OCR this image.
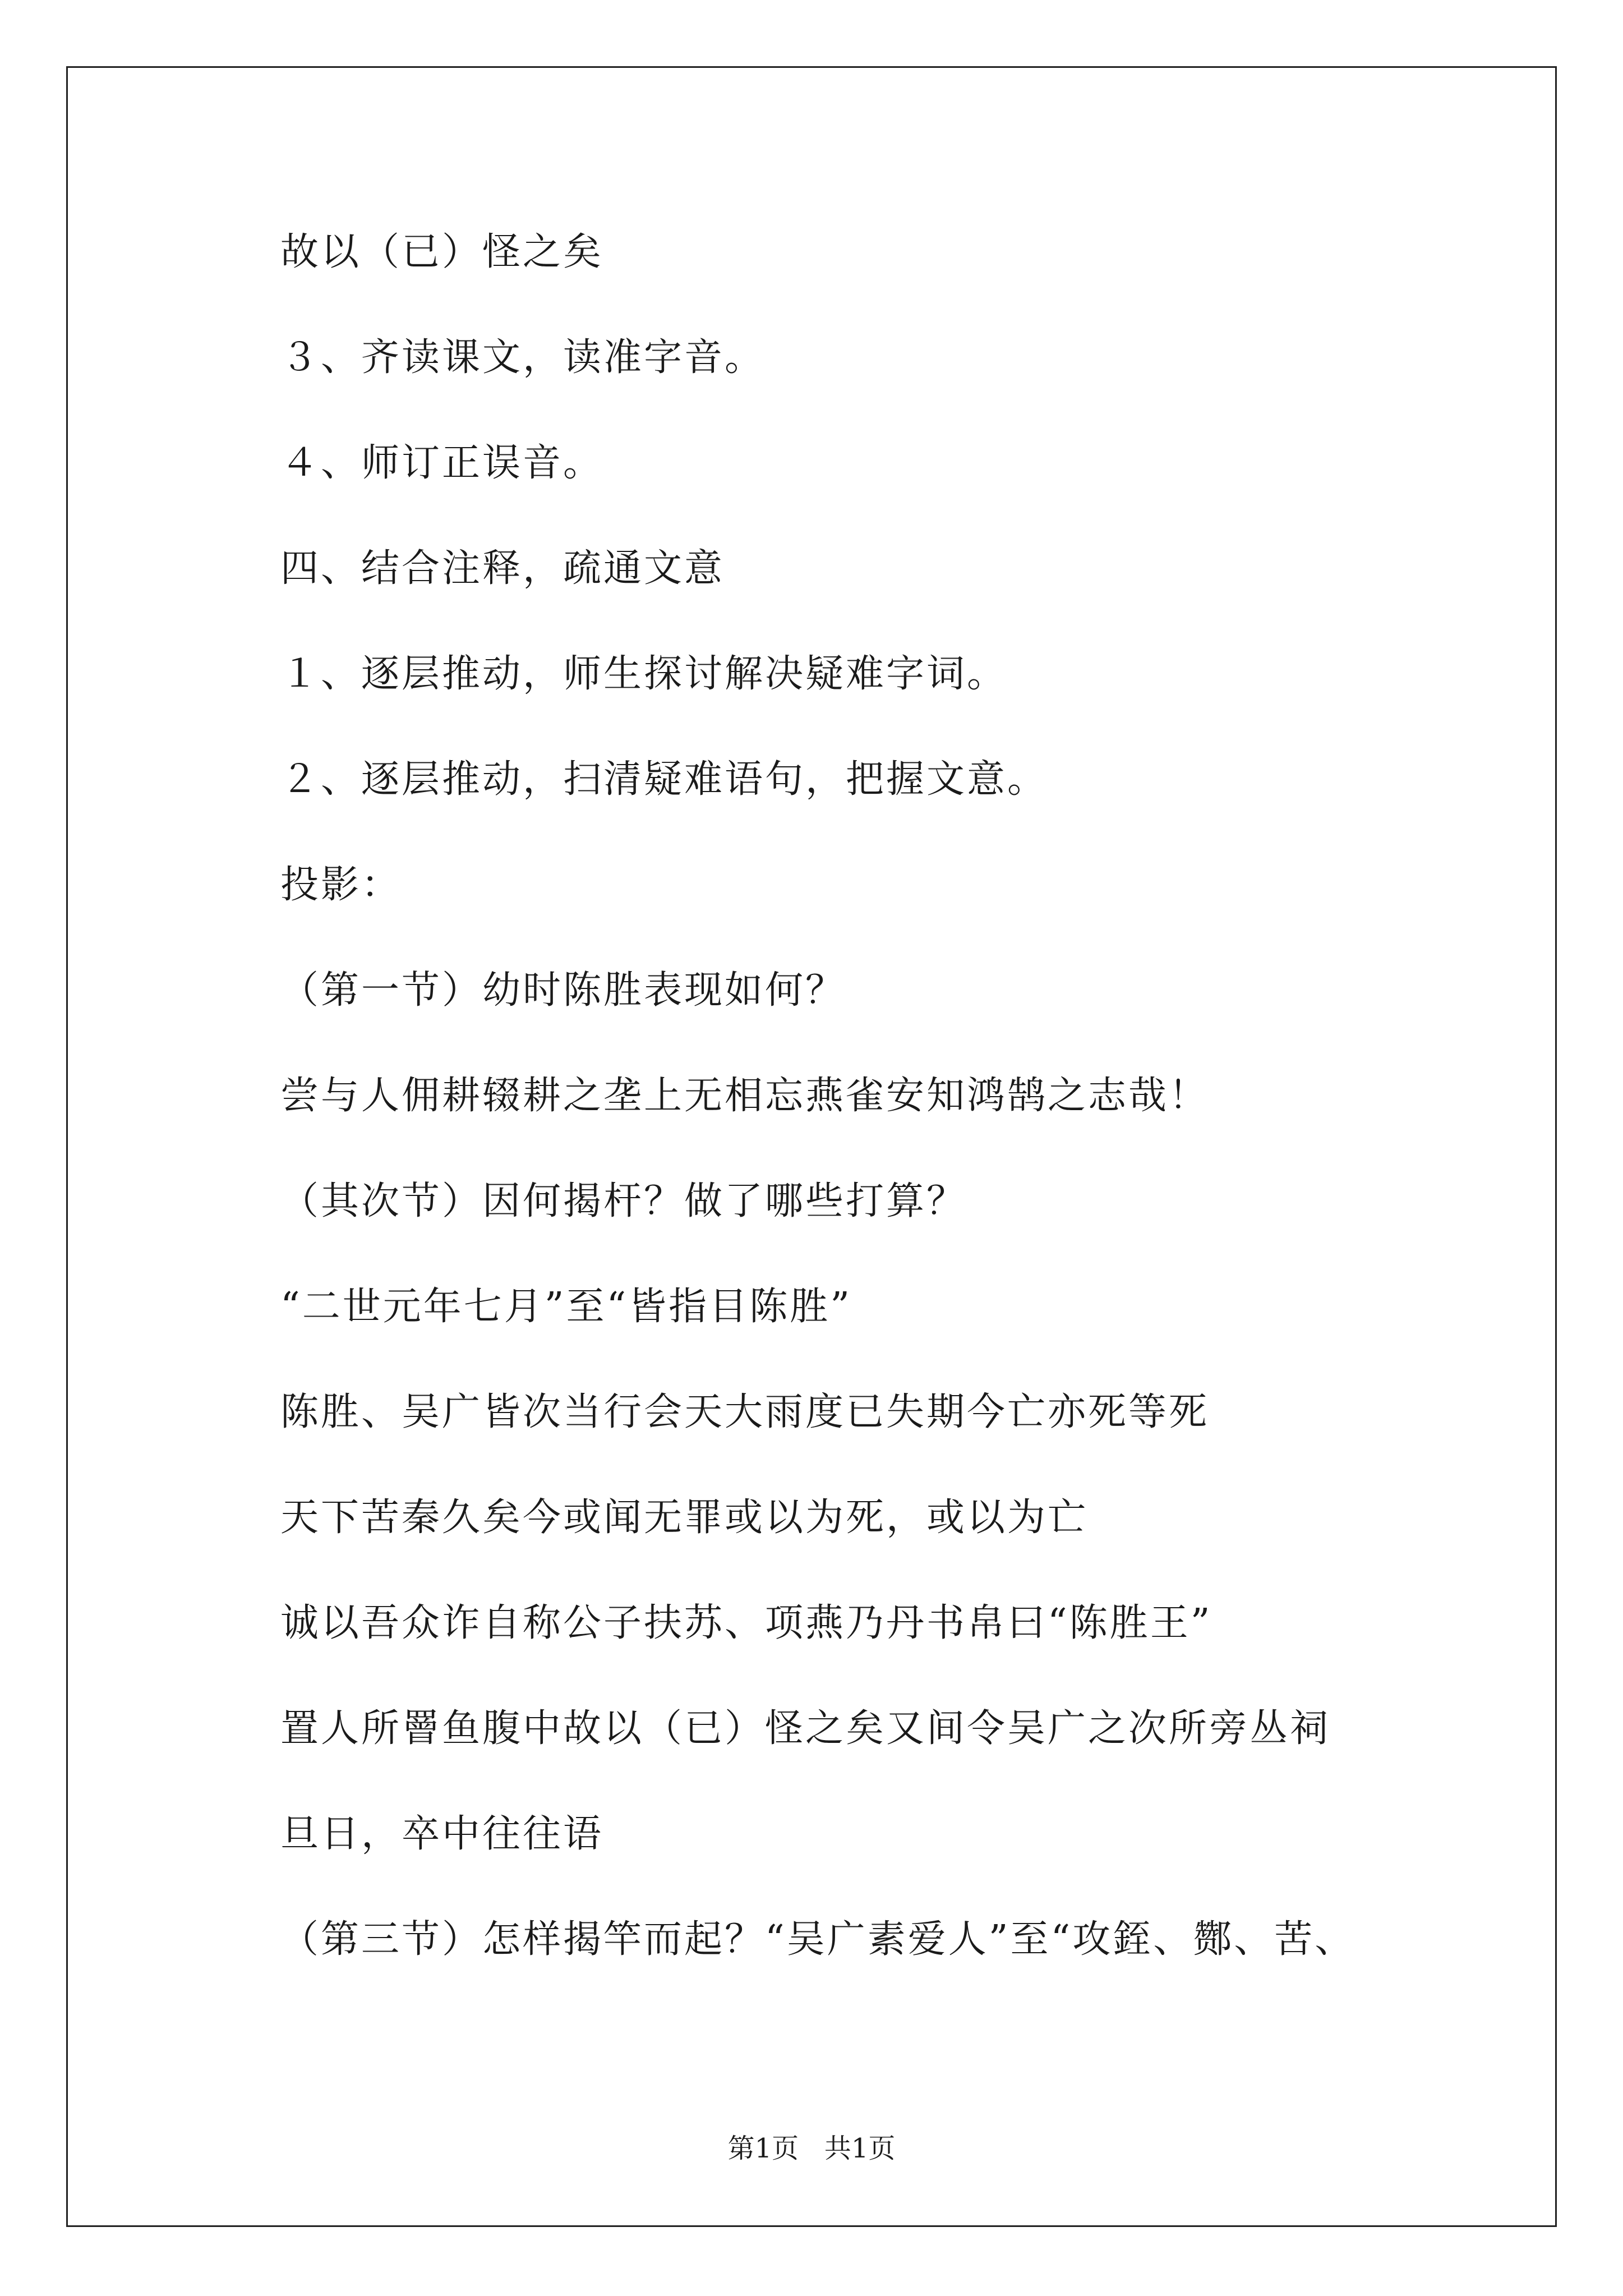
故以（已）怪之矣
３、齐读课文，读准字音。
４、师订正误音。
四、结合注释，疏通文意
１、逐层推动，师生探讨解决疑难字词。
２、逐层推动，扫清疑难语句，把握文意。
投影：
（第一节）幼时陈胜表现如何？
尝与人佣耕辍耕之垄上无相忘燕雀安知鸿鹄之志哉！
（其次节）因何揭杆？做了哪些打算？
“二世元年七月”至“皆指目陈胜”
陈胜、吴广皆次当行会天大雨度已失期今亡亦死等死
天下苦秦久矣今或闻无罪或以为死，或以为亡
诚以吾众诈自称公子扶苏、项燕乃丹书帛曰“陈胜王”
置人所罾鱼腹中故以（已）怪之矣又间令吴广之次所旁丛祠
旦日，卒中往往语
（第三节）怎样揭竿而起？“吴广素爱人”至“攻銍、酂、苦、
第1页   共1页
